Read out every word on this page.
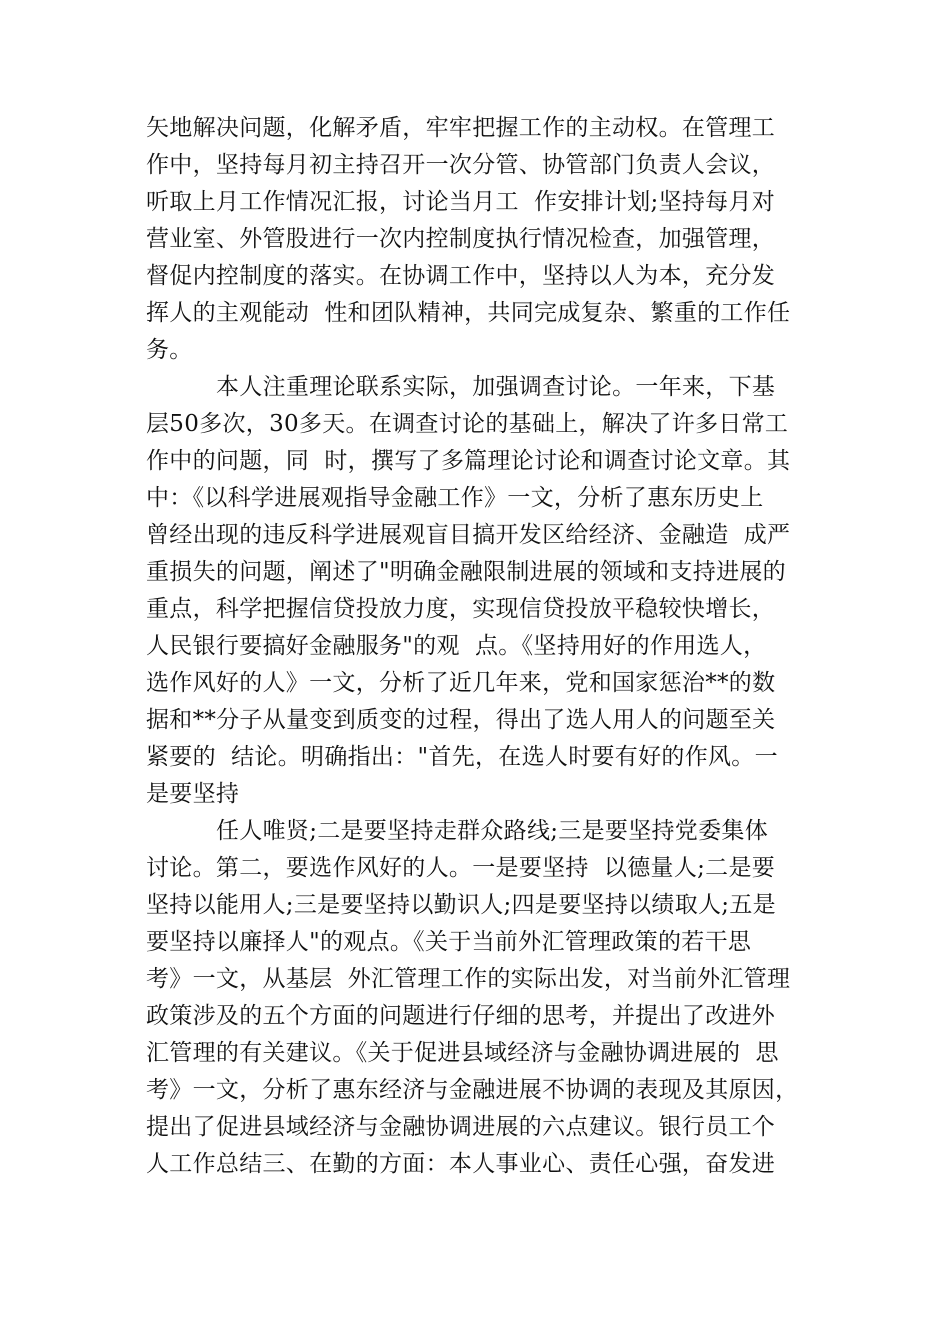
矢地解决问题，化解矛盾，牢牢把握工作的主动权。在管理工
作中，坚持每月初主持召开一次分管、协管部门负责人会议，
听取上月工作情况汇报，讨论当月工  作安排计划;坚持每月对
营业室、外管股进行一次内控制度执行情况检查，加强管理，
督促内控制度的落实。在协调工作中，坚持以人为本，充分发
挥人的主观能动  性和团队精神，共同完成复杂、繁重的工作任
务。
本人注重理论联系实际，加强调查讨论。一年来，下基
层50多次，30多天。在调查讨论的基础上，解决了许多日常工
作中的问题，同  时，撰写了多篇理论讨论和调查讨论文章。其
中：《以科学进展观指导金融工作》一文，分析了惠东历史上
曾经出现的违反科学进展观盲目搞开发区给经济、金融造  成严
重损失的问题，阐述了"明确金融限制进展的领域和支持进展的
重点，科学把握信贷投放力度，实现信贷投放平稳较快增长，
人民银行要搞好金融服务"的观  点。《坚持用好的作用选人，
选作风好的人》一文，分析了近几年来，党和国家惩治**的数
据和**分子从量变到质变的过程，得出了选人用人的问题至关
紧要的  结论。明确指出："首先，在选人时要有好的作风。一
是要坚持
任人唯贤;二是要坚持走群众路线;三是要坚持党委集体
讨论。第二，要选作风好的人。一是要坚持  以德量人;二是要
坚持以能用人;三是要坚持以勤识人;四是要坚持以绩取人;五是
要坚持以廉择人"的观点。《关于当前外汇管理政策的若干思
考》一文，从基层  外汇管理工作的实际出发，对当前外汇管理
政策涉及的五个方面的问题进行仔细的思考，并提出了改进外
汇管理的有关建议。《关于促进县域经济与金融协调进展的  思
考》一文，分析了惠东经济与金融进展不协调的表现及其原因，
提出了促进县域经济与金融协调进展的六点建议。银行员工个
人工作总结三、在勤的方面：本人事业心、责任心强，奋发进
